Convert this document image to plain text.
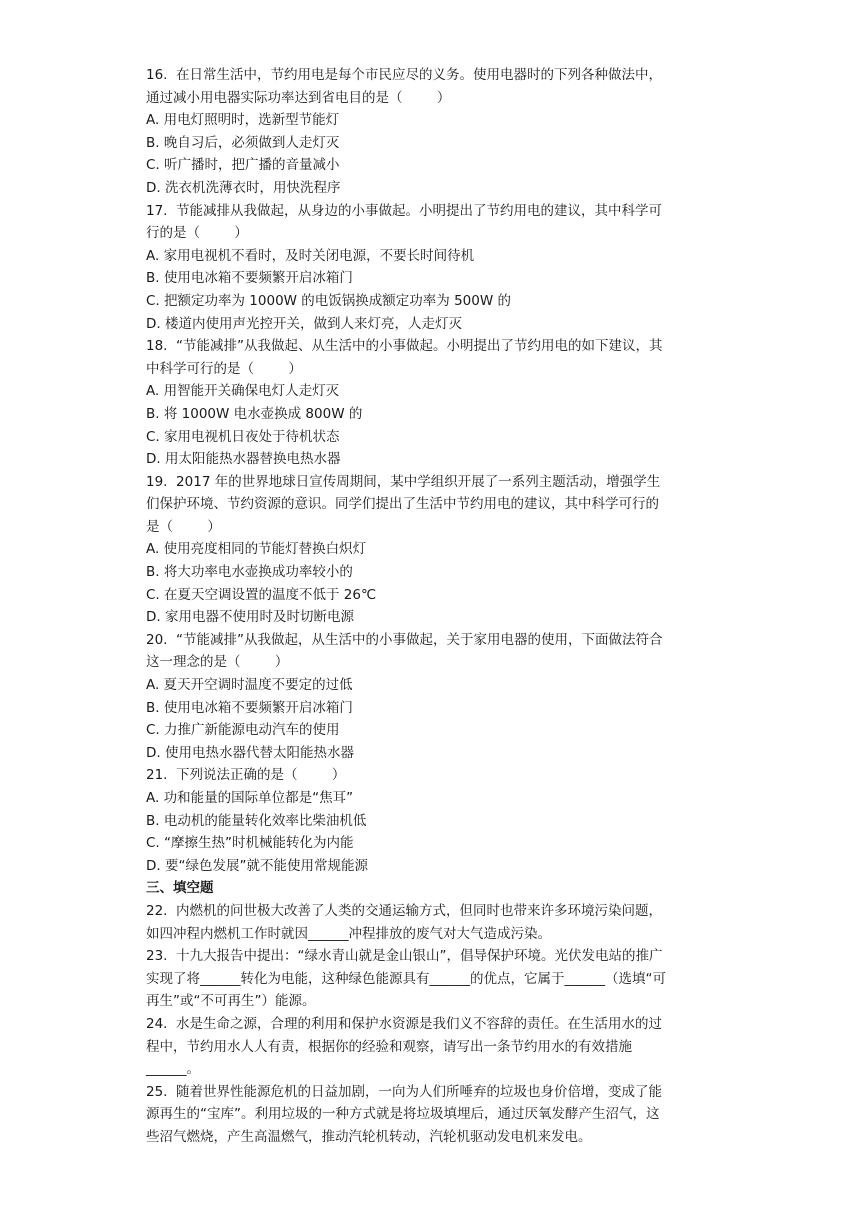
16.  在日常生活中，节约用电是每个市民应尽的义务。使用电器时的下列各种做法中，
通过减小用电器实际功率达到省电目的是（        ）
A. 用电灯照明时，选新型节能灯
B. 晚自习后，必须做到人走灯灭
C. 听广播时，把广播的音量减小
D. 洗衣机洗薄衣时，用快洗程序
17.  节能减排从我做起，从身边的小事做起。小明提出了节约用电的建议，其中科学可
行的是（        ）
A. 家用电视机不看时，及时关闭电源，不要长时间待机
B. 使用电冰箱不要频繁开启冰箱门
C. 把额定功率为 1000W 的电饭锅换成额定功率为 500W 的
D. 楼道内使用声光控开关，做到人来灯亮，人走灯灭
18.  “节能减排”从我做起、从生活中的小事做起。小明提出了节约用电的如下建议，其
中科学可行的是（        ）
A. 用智能开关确保电灯人走灯灭
B. 将 1000W 电水壶换成 800W 的
C. 家用电视机日夜处于待机状态
D. 用太阳能热水器替换电热水器
19.  2017 年的世界地球日宣传周期间，某中学组织开展了一系列主题活动，增强学生
们保护环境、节约资源的意识。同学们提出了生活中节约用电的建议，其中科学可行的
是（        ）
A. 使用亮度相同的节能灯替换白炽灯
B. 将大功率电水壶换成功率较小的
C. 在夏天空调设置的温度不低于 26℃
D. 家用电器不使用时及时切断电源
20.  “节能减排”从我做起，从生活中的小事做起，关于家用电器的使用，下面做法符合
这一理念的是（        ）
A. 夏天开空调时温度不要定的过低
B. 使用电冰箱不要频繁开启冰箱门
C. 力推广新能源电动汽车的使用
D. 使用电热水器代替太阳能热水器
21.  下列说法正确的是（        ）
A. 功和能量的国际单位都是“焦耳”
B. 电动机的能量转化效率比柴油机低
C. “摩擦生热”时机械能转化为内能
D. 要“绿色发展”就不能使用常规能源
三、填空题
22.  内燃机的问世极大改善了人类的交通运输方式，但同时也带来许多环境污染问题，
如四冲程内燃机工作时就因______冲程排放的废气对大气造成污染。
23.  十九大报告中提出：“绿水青山就是金山银山”，倡导保护环境。光伏发电站的推广
实现了将______转化为电能，这种绿色能源具有______的优点，它属于______（选填“可
再生”或“不可再生”）能源。
24.  水是生命之源，合理的利用和保护水资源是我们义不容辞的责任。在生活用水的过
程中，节约用水人人有责，根据你的经验和观察，请写出一条节约用水的有效措施
______。
25.  随着世界性能源危机的日益加剧，一向为人们所唾弃的垃圾也身价倍增，变成了能
源再生的“宝库”。利用垃圾的一种方式就是将垃圾填埋后，通过厌氧发酵产生沼气，这
些沼气燃烧，产生高温燃气，推动汽轮机转动，汽轮机驱动发电机来发电。
